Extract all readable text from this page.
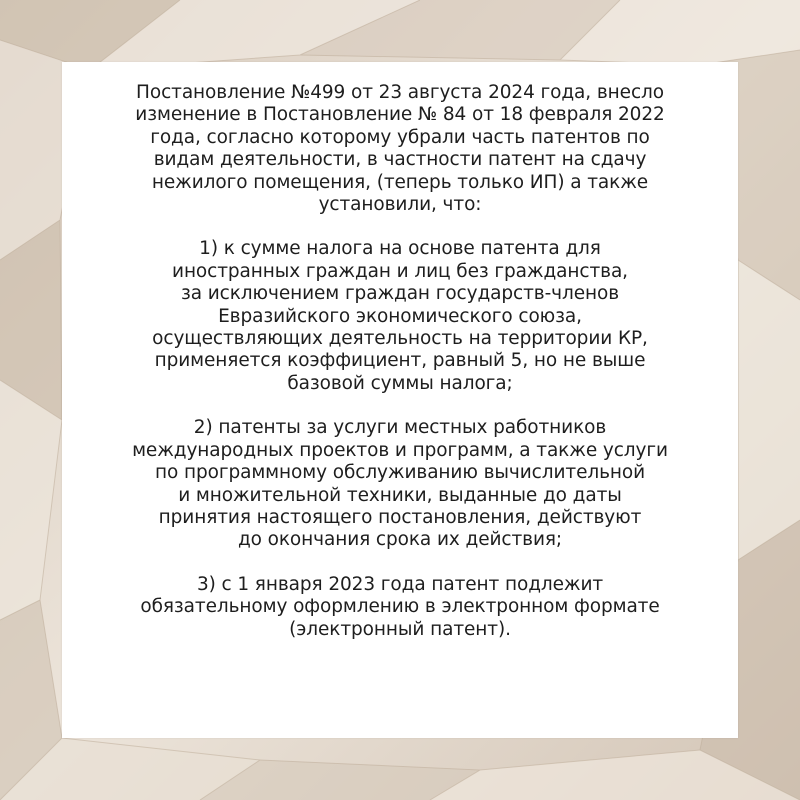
Постановление №499 от 23 августа 2024 года, внесло
изменение в Постановление № 84 от 18 февраля 2022
года, согласно которому убрали часть патентов по
видам деятельности, в частности патент на сдачу
нежилого помещения, (теперь только ИП) а также
установили, что:

1) к сумме налога на основе патента для
иностранных граждан и лиц без гражданства,
за исключением граждан государств-членов
Евразийского экономического союза,
осуществляющих деятельность на территории КР,
применяется коэффициент, равный 5, но не выше
базовой суммы налога;

2) патенты за услуги местных работников
международных проектов и программ, а также услуги
по программному обслуживанию вычислительной
и множительной техники, выданные до даты
принятия настоящего постановления, действуют
до окончания срока их действия;

3) с 1 января 2023 года патент подлежит
обязательному оформлению в электронном формате
(электронный патент).
